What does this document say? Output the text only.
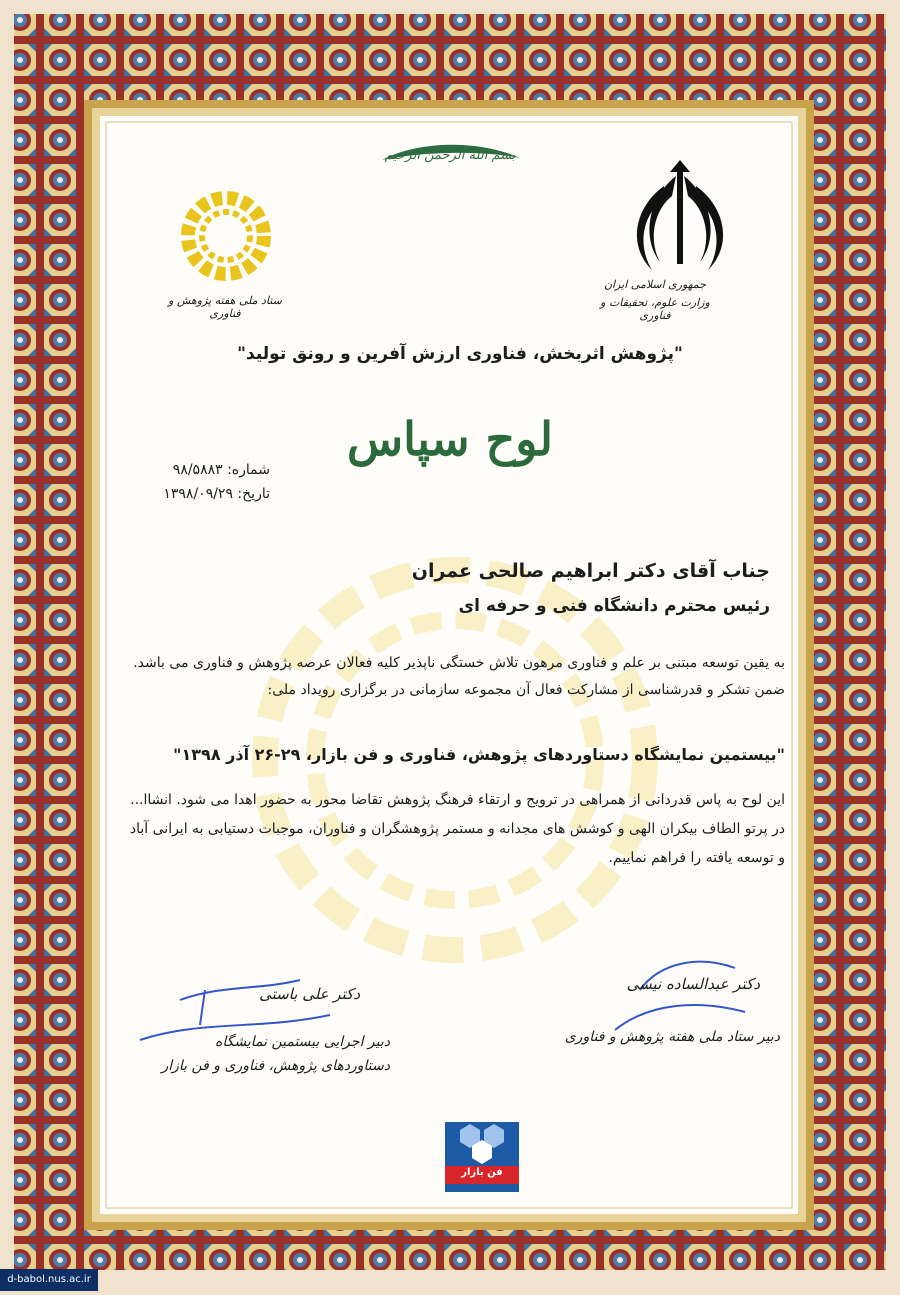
بسم الله الرحمن الرحیم
جمهوری اسلامی ایران
وزارت علوم، تحقیقات و فناوری
ستاد ملی هفته پژوهش و فناوری
"پژوهش اثربخش، فناوری ارزش آفرین و رونق تولید"
لوح سپاس
شماره: ۹۸/۵۸۸۳
تاریخ: ۱۳۹۸/۰۹/۲۹
جناب آقای دکتر ابراهیم صالحی عمران
رئیس محترم دانشگاه فنی و حرفه ای
به یقین توسعه مبتنی بر علم و فناوری مرهون تلاش خستگی ناپذیر کلیه فعالان عرصه پژوهش و فناوری می باشد. ضمن تشکر و قدرشناسی از مشارکت فعال آن مجموعه سازمانی در برگزاری رویداد ملی:
"بیستمین نمایشگاه دستاوردهای پژوهش، فناوری و فن بازار، ۲۹-۲۶ آذر ۱۳۹۸"
این لوح به پاس قدردانی از همراهی در ترویج و ارتقاء فرهنگ پژوهش تقاضا محور به حضور اهدا می شود. انشاا... در پرتو الطاف بیکران الهی و کوشش های مجدانه و مستمر پژوهشگران و فناوران، موجبات دستیابی به ایرانی آباد و توسعه یافته را فراهم نماییم.
دکتر عبدالساده نیسی
دبیر ستاد ملی هفته پژوهش و فناوری
دکتر علی باستی
دبیر اجرایی بیستمین نمایشگاه دستاوردهای پژوهش، فناوری و فن بازار
فن بازار
d-babol.nus.ac.ir
